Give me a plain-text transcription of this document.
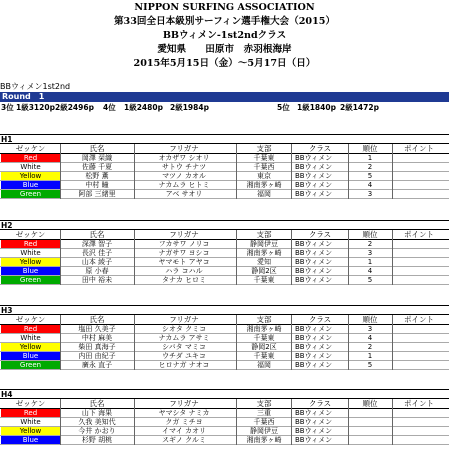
NIPPON SURFING ASSOCIATION
第33回全日本級別サーフィン選手権大会（2015）
BBウィメン-1st2ndクラス
愛知県　　田原市　赤羽根海岸
2015年5月15日（金）～5月17日（日）
BBウィメン1st2nd
Round　1
3位 1級3120p 2級2496p 4位 1級2480p 2級1984p	5位 1級1840p 2級1472p
H1
ゼッケン	氏名	フリガナ	支部	クラス	順位	ポイント
Red	岡澤 栞織	オカザワ シオリ	千葉東	BBウィメン	1
White	佐藤 千夏	サトウ チナツ	千葉西	BBウィメン	2
Yellow	松野 薫	マツノ カオル	東京	BBウィメン	5
Blue	中村 瞳	ナカムラ ヒトミ	湘南茅ヶ崎	BBウィメン	4
Green	阿部 三緒里	アベ サオリ	福岡	BBウィメン	3
H2
ゼッケン	氏名	フリガナ	支部	クラス	順位	ポイント
Red	深澤 智子	フカサワ ノリコ	静岡伊豆	BBウィメン	2
White	長沢 佳子	ナガサワ ヨシコ	湘南茅ヶ崎	BBウィメン	3
Yellow	山本 綾子	ヤマモト アヤコ	愛知	BBウィメン	1
Blue	原 小春	ハラ コハル	静岡2区	BBウィメン	4
Green	田中 裕未	タナカ ヒロミ	千葉東	BBウィメン	5
H3
ゼッケン	氏名	フリガナ	支部	クラス	順位	ポイント
Red	塩田 久美子	シオタ クミコ	湘南茅ヶ崎	BBウィメン	3
White	中村 麻美	ナカムラ アサミ	千葉東	BBウィメン	4
Yellow	柴田 真海子	シバタ マミコ	静岡2区	BBウィメン	2
Blue	内田 由紀子	ウチダ ユキコ	千葉東	BBウィメン	1
Green	廣永 直子	ヒロナガ ナオコ	福岡	BBウィメン	5
H4
ゼッケン	氏名	フリガナ	支部	クラス	順位	ポイント
Red	山下 海果	ヤマシタ ナミカ	三重	BBウィメン
White	久我 美知代	クガ ミチヨ	千葉西	BBウィメン
Yellow	今井 かおり	イマイ カオリ	静岡伊豆	BBウィメン
Blue	杉野 胡桃	スギノ クルミ	湘南茅ヶ崎	BBウィメン
